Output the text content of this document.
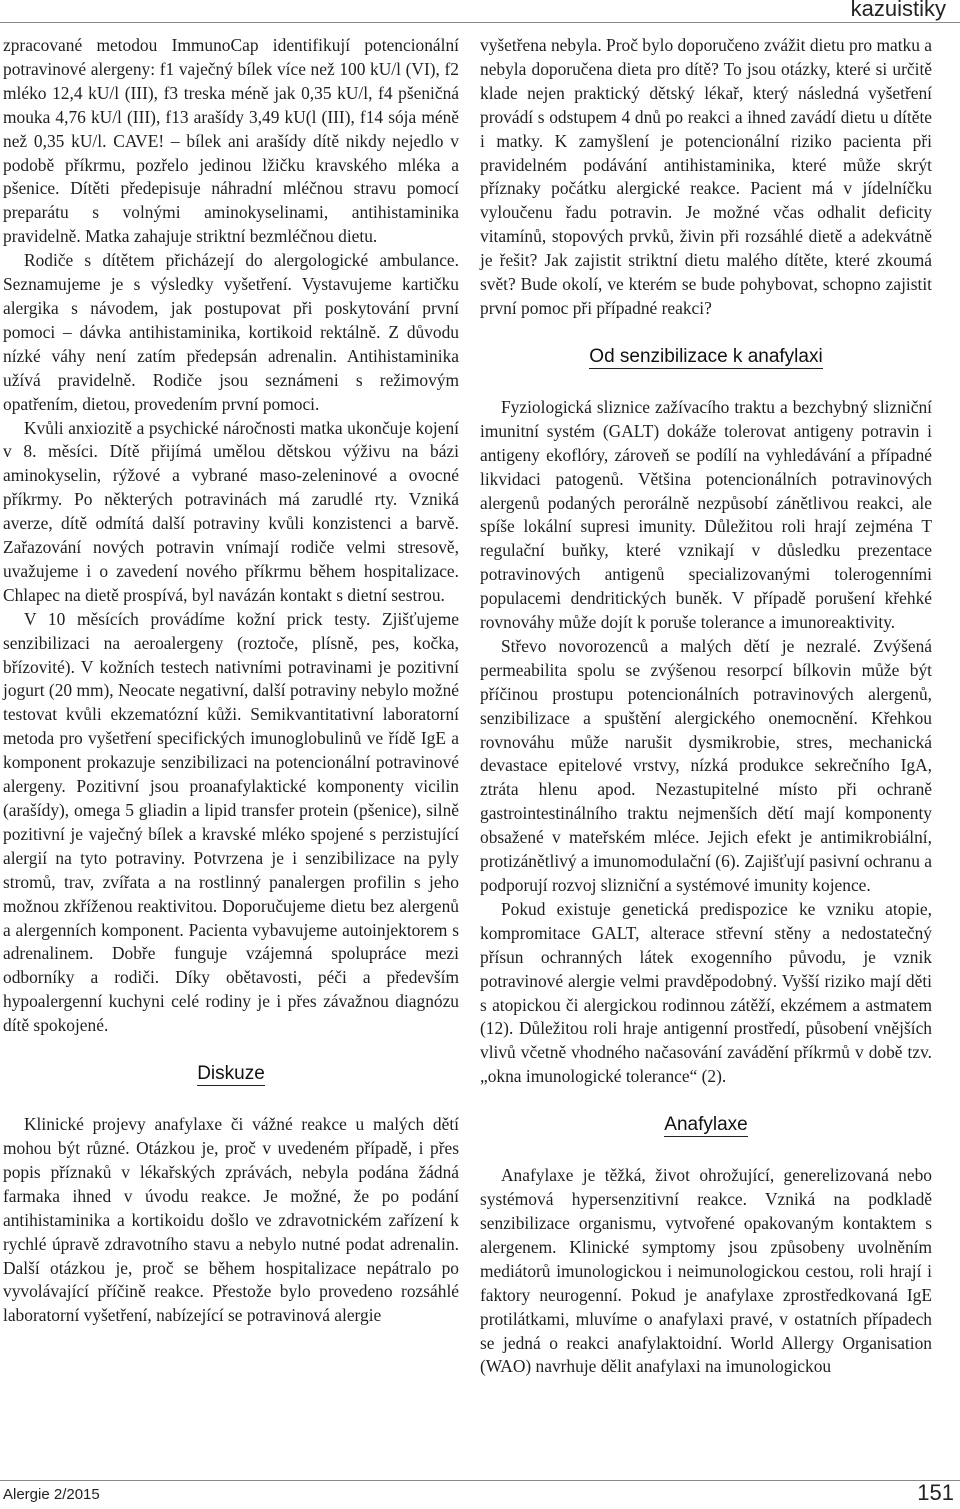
kazuistiky

zpracované metodou ImmunoCap identifikují potencionální potravinové alergeny: f1 vaječný bílek více než 100 kU/l (VI), f2 mléko 12,4 kU/l (III), f3 treska méně jak 0,35 kU/l, f4 pšeničná mouka 4,76 kU/l (III), f13 arašídy 3,49 kU(l (III), f14 sója méně než 0,35 kU/l. CAVE! – bílek ani arašídy dítě nikdy nejedlo v podobě příkrmu, pozřelo jedinou lžičku kravského mléka a pšenice. Dítěti předepisuje náhradní mléčnou stravu pomocí preparátu s volnými aminokyselinami, antihistaminika pravidelně. Matka zahajuje striktní bezmléčnou dietu.

Rodiče s dítětem přicházejí do alergologické ambulance. Seznamujeme je s výsledky vyšetření. Vystavujeme kartičku alergika s návodem, jak postupovat při poskytování první pomoci – dávka antihistaminika, kortikoid rektálně. Z důvodu nízké váhy není zatím předepsán adrenalin. Antihistaminika užívá pravidelně. Rodiče jsou seznámeni s režimovým opatřením, dietou, provedením první pomoci.

Kvůli anxiozitě a psychické náročnosti matka ukončuje kojení v 8. měsíci. Dítě přijímá umělou dětskou výživu na bázi aminokyselin, rýžové a vybrané maso-zeleninové a ovocné příkrmy. Po některých potravinách má zarudlé rty. Vzniká averze, dítě odmítá další potraviny kvůli konzistenci a barvě. Zařazování nových potravin vnímají rodiče velmi stresově, uvažujeme i o zavedení nového příkrmu během hospitalizace. Chlapec na dietě prospívá, byl navázán kontakt s dietní sestrou.

V 10 měsících provádíme kožní prick testy. Zjišťujeme senzibilizaci na aeroalergeny (roztoče, plísně, pes, kočka, břízovité). V kožních testech nativními potravinami je pozitivní jogurt (20 mm), Neocate negativní, další potraviny nebylo možné testovat kvůli ekzematózní kůži. Semikvantitativní laboratorní metoda pro vyšetření specifických imunoglobulinů ve řídě IgE a komponent prokazuje senzibilizaci na potencionální potravinové alergeny. Pozitivní jsou proanafylaktické komponenty vicilin (arašídy), omega 5 gliadin a lipid transfer protein (pšenice), silně pozitivní je vaječný bílek a kravské mléko spojené s perzistující alergií na tyto potraviny. Potvrzena je i senzibilizace na pyly stromů, trav, zvířata a na rostlinný panalergen profilin s jeho možnou zkříženou reaktivitou. Doporučujeme dietu bez alergenů a alergenních komponent. Pacienta vybavujeme autoinjektorem s adrenalinem. Dobře funguje vzájemná spolupráce mezi odborníky a rodiči. Díky obětavosti, péči a především hypoalergenní kuchyni celé rodiny je i přes závažnou diagnózu dítě spokojené.

Diskuze

Klinické projevy anafylaxe či vážné reakce u malých dětí mohou být různé. Otázkou je, proč v uvedeném případě, i přes popis příznaků v lékařských zprávách, nebyla podána žádná farmaka ihned v úvodu reakce. Je možné, že po podání antihistaminika a kortikoidu došlo ve zdravotnickém zařízení k rychlé úpravě zdravotního stavu a nebylo nutné podat adrenalin. Další otázkou je, proč se během hospitalizace nepátralo po vyvolávající příčině reakce. Přestože bylo provedeno rozsáhlé laboratorní vyšetření, nabízející se potravinová alergie

vyšetřena nebyla. Proč bylo doporučeno zvážit dietu pro matku a nebyla doporučena dieta pro dítě? To jsou otázky, které si určitě klade nejen praktický dětský lékař, který následná vyšetření provádí s odstupem 4 dnů po reakci a ihned zavádí dietu u dítěte i matky. K zamyšlení je potencionální riziko pacienta při pravidelném podávání antihistaminika, které může skrýt příznaky počátku alergické reakce. Pacient má v jídelníčku vyloučenu řadu potravin. Je možné včas odhalit deficity vitamínů, stopových prvků, živin při rozsáhlé dietě a adekvátně je řešit? Jak zajistit striktní dietu malého dítěte, které zkoumá svět? Bude okolí, ve kterém se bude pohybovat, schopno zajistit první pomoc při případné reakci?

Od senzibilizace k anafylaxi

Fyziologická sliznice zažívacího traktu a bezchybný slizniční imunitní systém (GALT) dokáže tolerovat antigeny potravin i antigeny ekoflóry, zároveň se podílí na vyhledávání a případné likvidaci patogenů. Většina potencionálních potravinových alergenů podaných perorálně nezpůsobí zánětlivou reakci, ale spíše lokální supresi imunity. Důležitou roli hrají zejména T regulační buňky, které vznikají v důsledku prezentace potravinových antigenů specializovanými tolerogenními populacemi dendritických buněk. V případě porušení křehké rovnováhy může dojít k poruše tolerance a imunoreaktivity.

Střevo novorozenců a malých dětí je nezralé. Zvýšená permeabilita spolu se zvýšenou resorpcí bílkovin může být příčinou prostupu potencionálních potravinových alergenů, senzibilizace a spuštění alergického onemocnění. Křehkou rovnováhu může narušit dysmikrobie, stres, mechanická devastace epitelové vrstvy, nízká produkce sekrečního IgA, ztráta hlenu apod. Nezastupitelné místo při ochraně gastrointestinálního traktu nejmenších dětí mají komponenty obsažené v mateřském mléce. Jejich efekt je antimikrobiální, protizánětlivý a imunomodulační (6). Zajišťují pasivní ochranu a podporují rozvoj slizniční a systémové imunity kojence.

Pokud existuje genetická predispozice ke vzniku atopie, kompromitace GALT, alterace střevní stěny a nedostatečný přísun ochranných látek exogenního původu, je vznik potravinové alergie velmi pravděpodobný. Vyšší riziko mají děti s atopickou či alergickou rodinnou zátěží, ekzémem a astmatem (12). Důležitou roli hraje antigenní prostředí, působení vnějších vlivů včetně vhodného načasování zavádění příkrmů v době tzv. „okna imunologické tolerance“ (2).

Anafylaxe

Anafylaxe je těžká, život ohrožující, generelizovaná nebo systémová hypersenzitivní reakce. Vzniká na podkladě senzibilizace organismu, vytvořené opakovaným kontaktem s alergenem. Klinické symptomy jsou způsobeny uvolněním mediátorů imunologickou i neimunologickou cestou, roli hrají i faktory neurogenní. Pokud je anafylaxe zprostředkovaná IgE protilátkami, mluvíme o anafylaxi pravé, v ostatních případech se jedná o reakci anafylaktoidní. World Allergy Organisation (WAO) navrhuje dělit anafylaxi na imunologickou

Alergie 2/2015	151
